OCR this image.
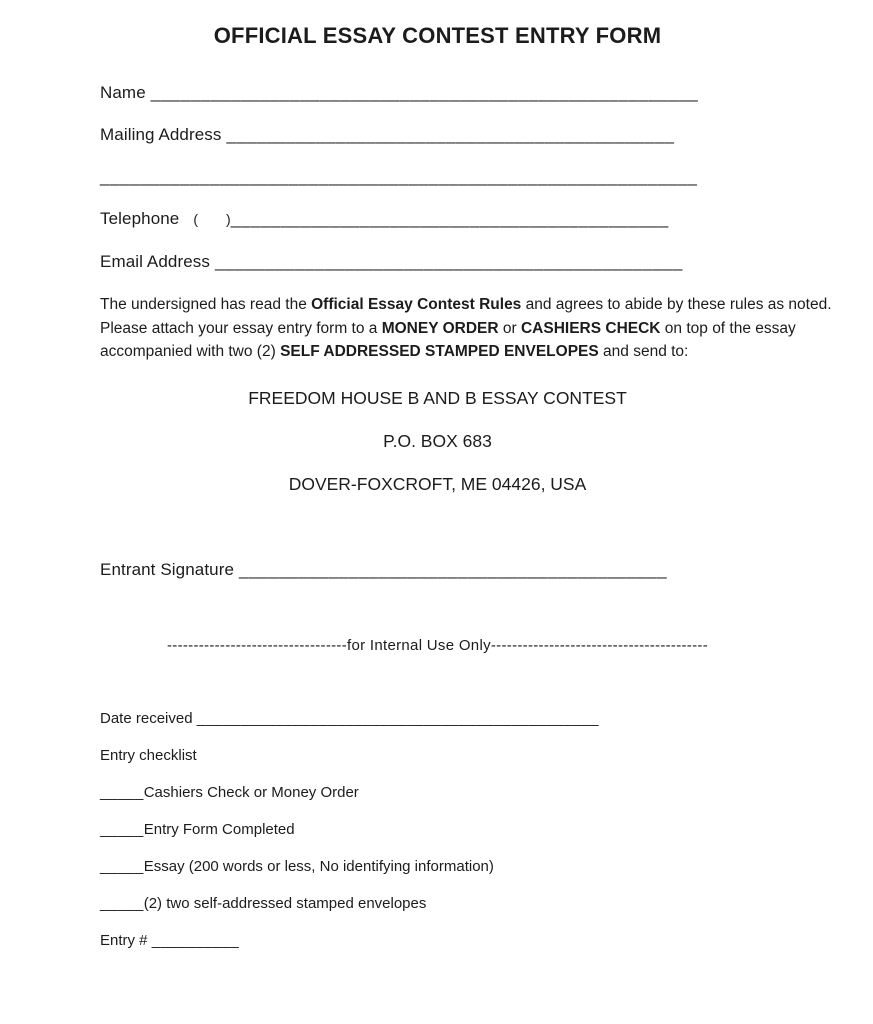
OFFICIAL ESSAY CONTEST ENTRY FORM
Name _______________________________________________________
Mailing Address _____________________________________________
____________________________________________________________
Telephone ( )____________________________________________
Email Address _______________________________________________
The undersigned has read the Official Essay Contest Rules and agrees to abide by these rules as noted.
Please attach your essay entry form to a MONEY ORDER or CASHIERS CHECK on top of the essay
accompanied with two (2) SELF ADDRESSED STAMPED ENVELOPES and send to:
FREEDOM HOUSE B AND B ESSAY CONTEST
P.O. BOX 683
DOVER-FOXCROFT, ME 04426, USA
Entrant Signature ___________________________________________
----------------------------------for Internal Use Only-----------------------------------------
Date received ______________________________________________
Entry checklist
_____Cashiers Check or Money Order
_____Entry Form Completed
_____Essay (200 words or less, No identifying information)
_____(2) two self-addressed stamped envelopes
Entry # __________
